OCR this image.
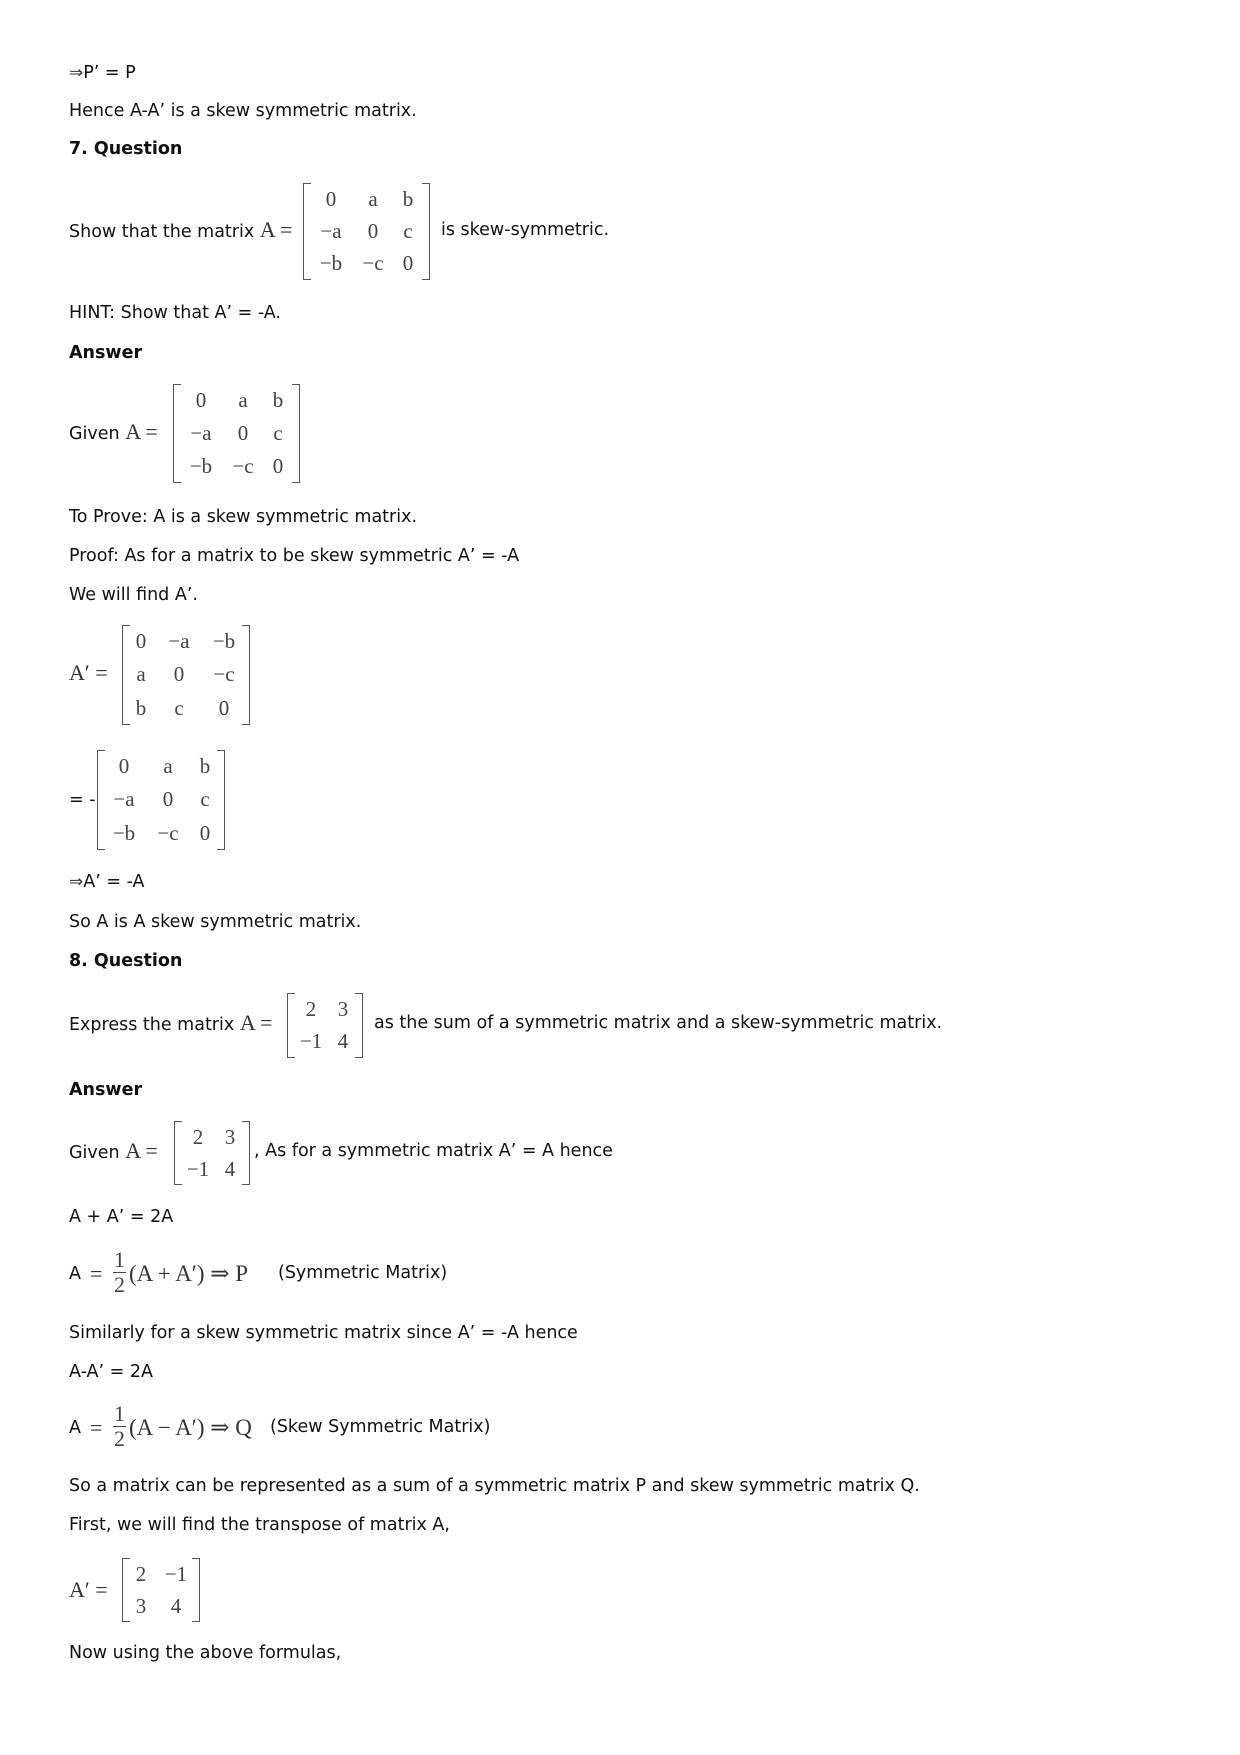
⇒P’ = P
Hence A-A’ is a skew symmetric matrix.
7. Question
Show that the matrix A =
0	a	b
−a	0	c
−b −c 0
is skew-symmetric.
HINT: Show that A’ = -A.
Answer
Given A =
0	a	b
−a	0	c
−b −c 0
To Prove: A is a skew symmetric matrix.
Proof: As for a matrix to be skew symmetric A’ = -A
We will find A’.
A′ =
0	−a	−b
a	0	−c
b	c	0
= -
0	a	b
−a	0	c
−b	−c	0
⇒A’ = -A
So A is A skew symmetric matrix.
8. Question
Express the matrix A =
2	3
−1 4
as the sum of a symmetric matrix and a skew-symmetric matrix.
Answer
Given A =
2	3
−1 4
, As for a symmetric matrix A’ = A hence
A + A’ = 2A
$A = \frac{1}{2} (A + A')$ ⇒ P (Symmetric Matrix)
Similarly for a skew symmetric matrix since A’ = -A hence
A-A’ = 2A
$A = \frac{1}{2} (A - A')$ ⇒ Q (Skew Symmetric Matrix)
So a matrix can be represented as a sum of a symmetric matrix P and skew symmetric matrix Q.
First, we will find the transpose of matrix A,
A′ =
2 −1
3	4
Now using the above formulas,
